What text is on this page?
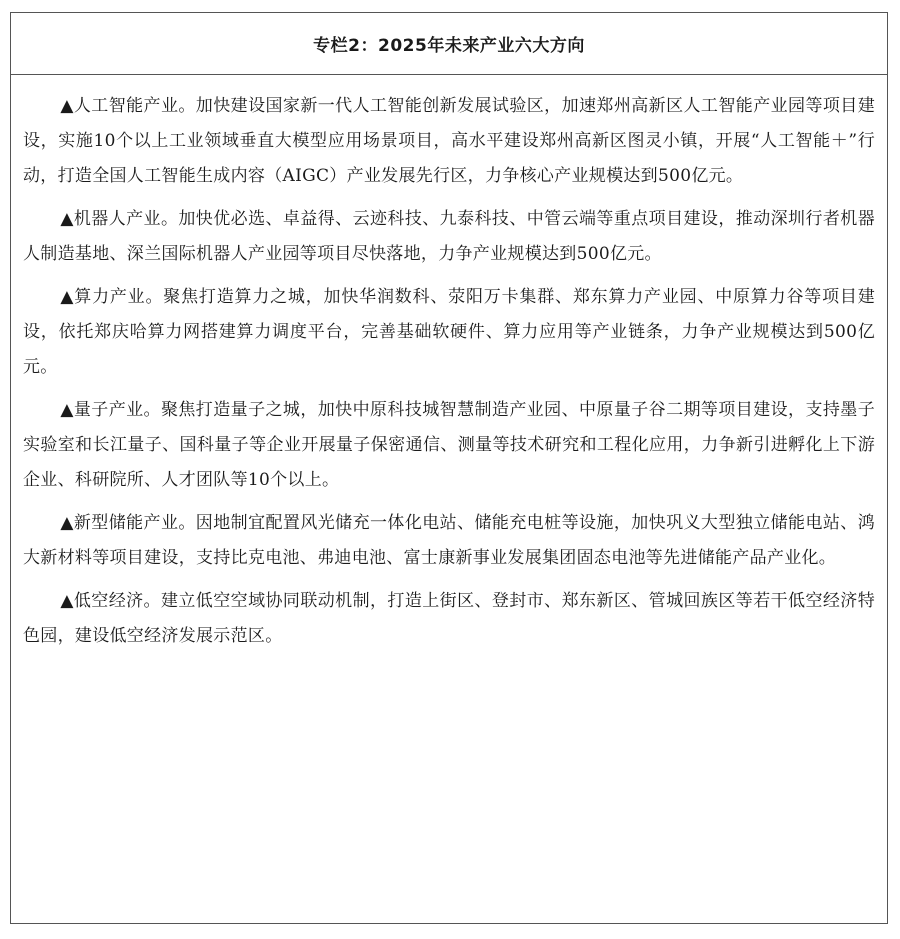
专栏2：2025年未来产业六大方向

▲人工智能产业。加快建设国家新一代人工智能创新发展试验区，加速郑州高新区人工智能产业园等项目建设，实施10个以上工业领域垂直大模型应用场景项目，高水平建设郑州高新区图灵小镇，开展“人工智能＋”行动，打造全国人工智能生成内容（AIGC）产业发展先行区，力争核心产业规模达到500亿元。

▲机器人产业。加快优必选、卓益得、云迹科技、九泰科技、中管云端等重点项目建设，推动深圳行者机器人制造基地、深兰国际机器人产业园等项目尽快落地，力争产业规模达到500亿元。

▲算力产业。聚焦打造算力之城，加快华润数科、荥阳万卡集群、郑东算力产业园、中原算力谷等项目建设，依托郑庆哈算力网搭建算力调度平台，完善基础软硬件、算力应用等产业链条，力争产业规模达到500亿元。

▲量子产业。聚焦打造量子之城，加快中原科技城智慧制造产业园、中原量子谷二期等项目建设，支持墨子实验室和长江量子、国科量子等企业开展量子保密通信、测量等技术研究和工程化应用，力争新引进孵化上下游企业、科研院所、人才团队等10个以上。

▲新型储能产业。因地制宜配置风光储充一体化电站、储能充电桩等设施，加快巩义大型独立储能电站、鸿大新材料等项目建设，支持比克电池、弗迪电池、富士康新事业发展集团固态电池等先进储能产品产业化。

▲低空经济。建立低空空域协同联动机制，打造上街区、登封市、郑东新区、管城回族区等若干低空经济特色园，建设低空经济发展示范区。
